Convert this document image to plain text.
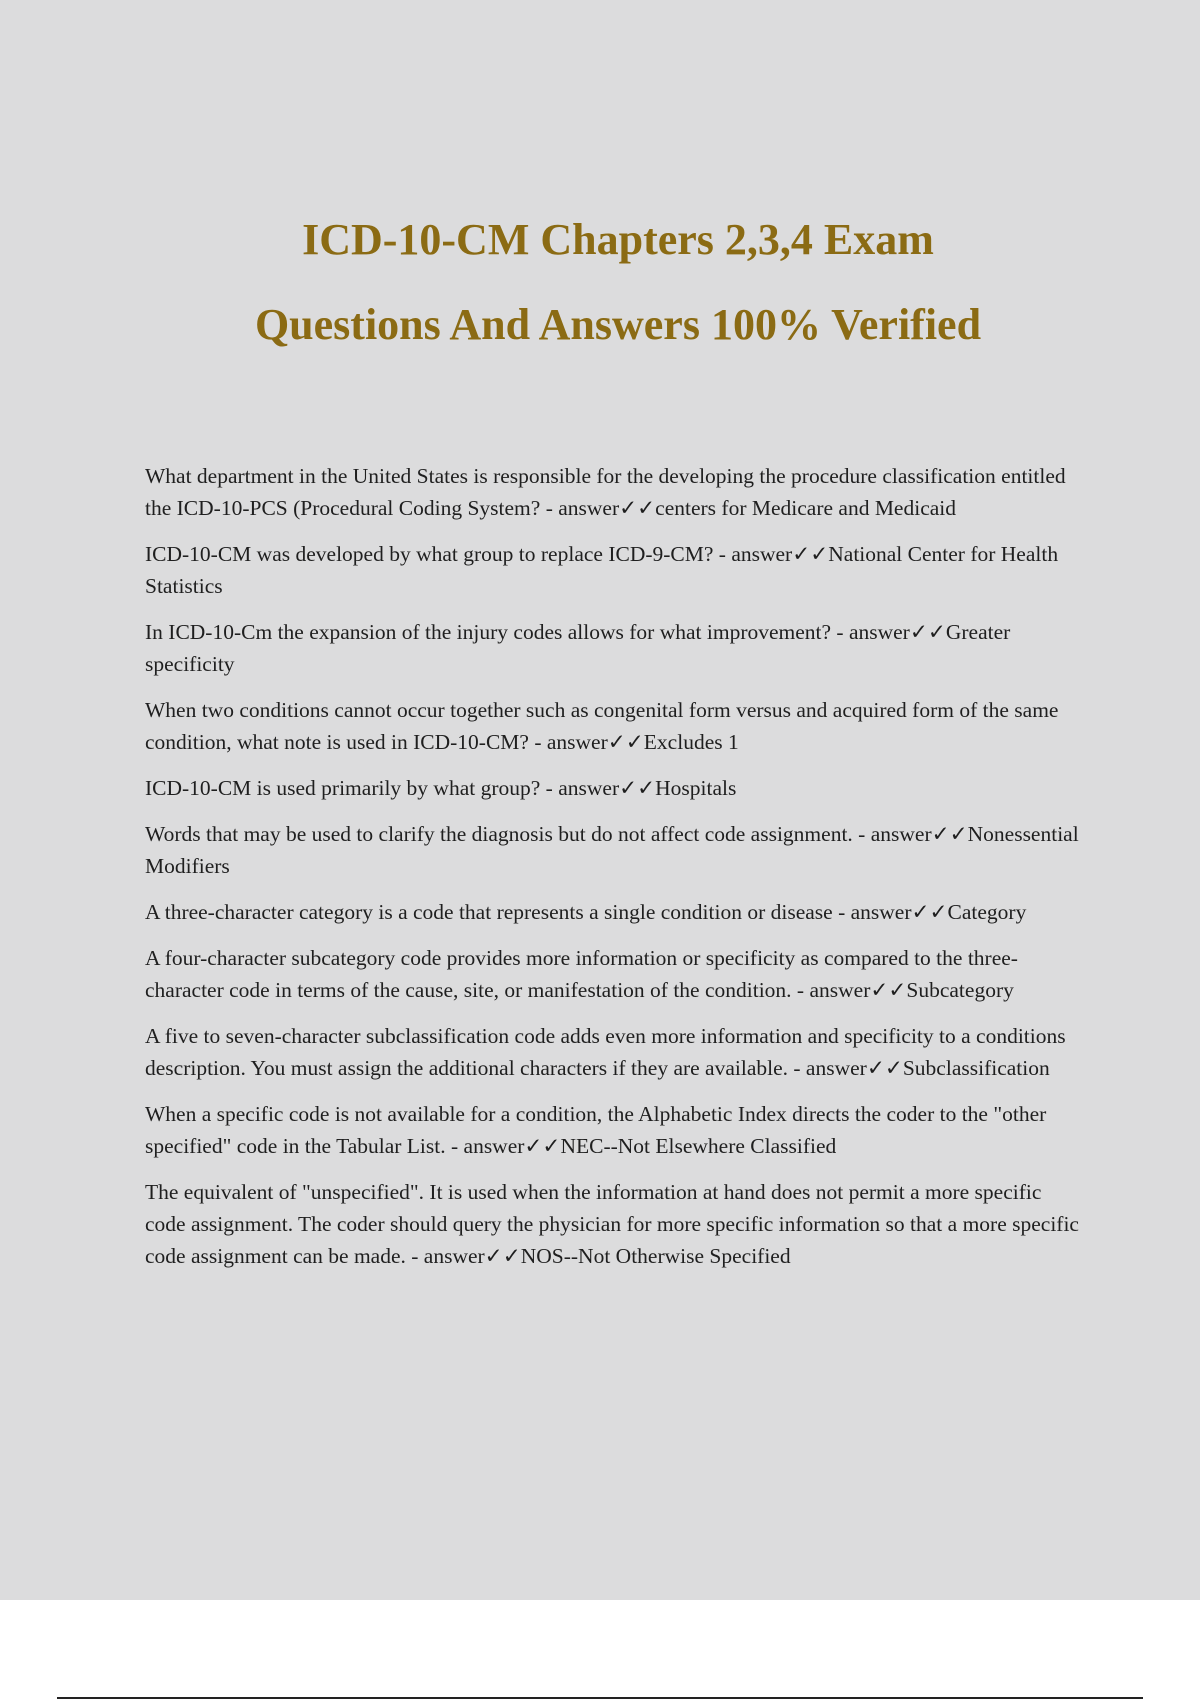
ICD-10-CM Chapters 2,3,4 Exam
Questions And Answers 100% Verified

What department in the United States is responsible for the developing the procedure classification entitled the ICD-10-PCS (Procedural Coding System? - answer✓✓centers for Medicare and Medicaid

ICD-10-CM was developed by what group to replace ICD-9-CM? - answer✓✓National Center for Health Statistics

In ICD-10-Cm the expansion of the injury codes allows for what improvement? - answer✓✓Greater specificity

When two conditions cannot occur together such as congenital form versus and acquired form of the same condition, what note is used in ICD-10-CM? - answer✓✓Excludes 1

ICD-10-CM is used primarily by what group? - answer✓✓Hospitals

Words that may be used to clarify the diagnosis but do not affect code assignment. - answer✓✓Nonessential Modifiers

A three-character category is a code that represents a single condition or disease - answer✓✓Category

A four-character subcategory code provides more information or specificity as compared to the three-character code in terms of the cause, site, or manifestation of the condition. - answer✓✓Subcategory

A five to seven-character subclassification code adds even more information and specificity to a conditions description. You must assign the additional characters if they are available. - answer✓✓Subclassification

When a specific code is not available for a condition, the Alphabetic Index directs the coder to the "other specified" code in the Tabular List. - answer✓✓NEC--Not Elsewhere Classified

The equivalent of "unspecified". It is used when the information at hand does not permit a more specific code assignment. The coder should query the physician for more specific information so that a more specific code assignment can be made. - answer✓✓NOS--Not Otherwise Specified
